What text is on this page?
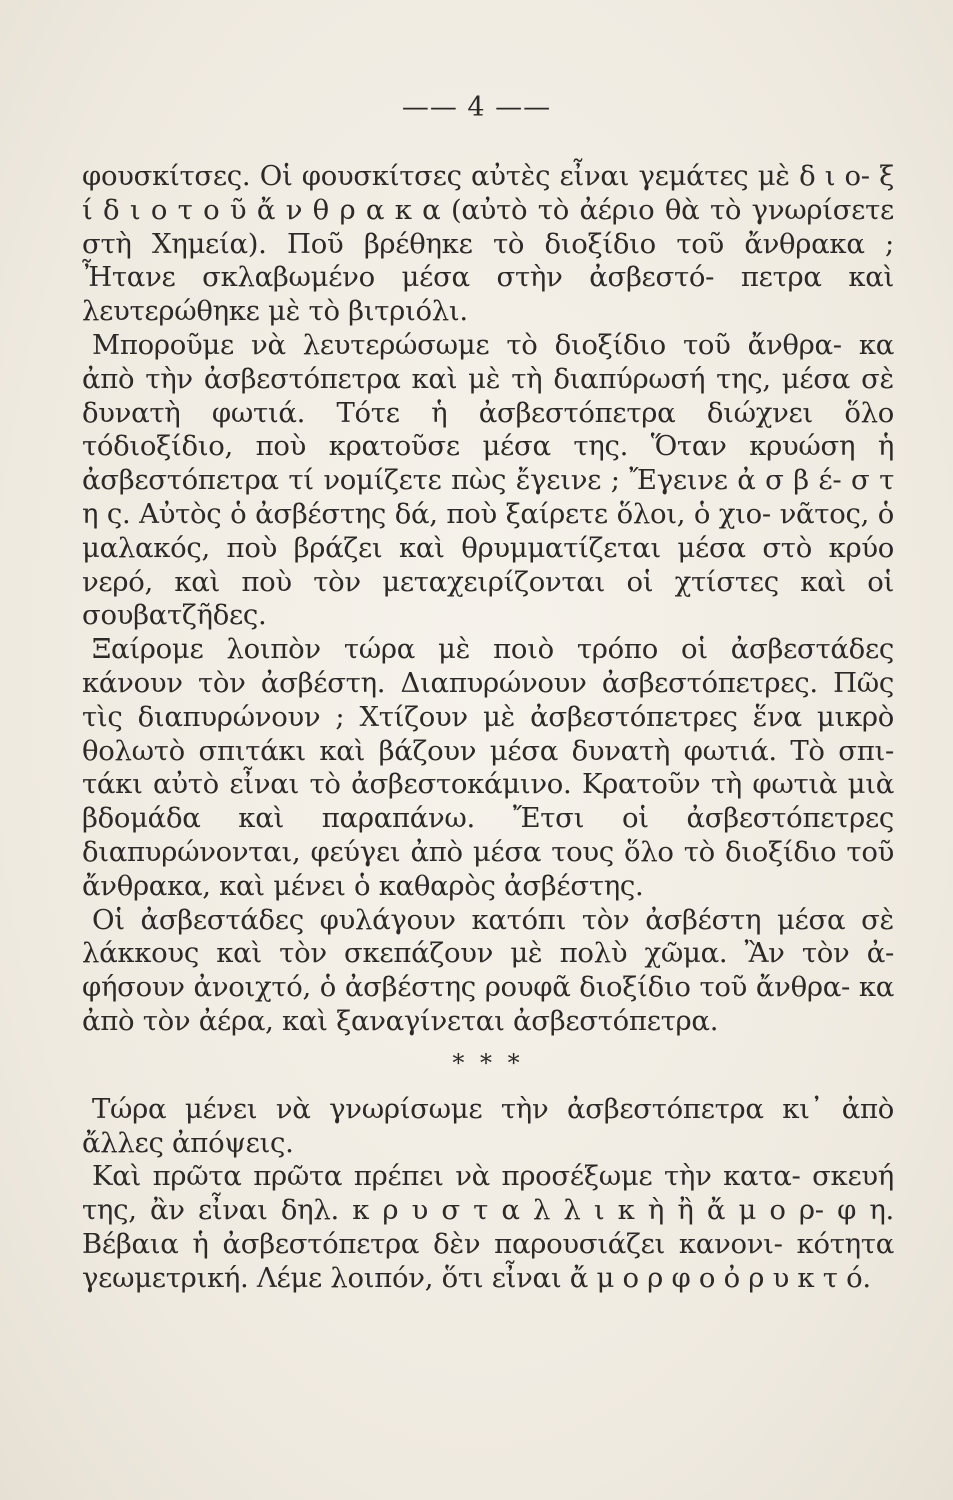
—— 4 ——

φουσκίτσες. Οἱ φουσκίτσες αὐτὲς εἶναι γεμάτες μὲ δ ι ο- ξ ί δ ι ο τ ο ῦ ἄ ν θ ρ α κ α (αὐτὸ τὸ ἀέριο θὰ τὸ γνωρίσετε στὴ Χημεία). Ποῦ βρέθηκε τὸ διοξίδιο τοῦ ἄνθρακα ; Ἦτανε σκλαβωμένο μέσα στὴν ἀσβεστό- πετρα καὶ λευτερώθηκε μὲ τὸ βιτριόλι.

Μποροῦμε νὰ λευτερώσωμε τὸ διοξίδιο τοῦ ἄνθρα- κα ἀπὸ τὴν ἀσβεστόπετρα καὶ μὲ τὴ διαπύρωσή της, μέσα σὲ δυνατὴ φωτιά. Τότε ἡ ἀσβεστόπετρα διώχνει ὅλο τόδιοξίδιο, ποὺ κρατοῦσε μέσα της. Ὅταν κρυώση ἡ ἀσβεστόπετρα τί νομίζετε πὼς ἔγεινε ; Ἔγεινε ἀ σ β έ- σ τ η ς. Αὐτὸς ὁ ἀσβέστης δά, ποὺ ξαίρετε ὅλοι, ὁ χιο- νᾶτος, ὁ μαλακός, ποὺ βράζει καὶ θρυμματίζεται μέσα στὸ κρύο νερό, καὶ ποὺ τὸν μεταχειρίζονται οἱ χτίστες καὶ οἱ σουβατζῆδες.

Ξαίρομε λοιπὸν τώρα μὲ ποιὸ τρόπο οἱ ἀσβεστάδες κάνουν τὸν ἀσβέστη. Διαπυρώνουν ἀσβεστόπετρες. Πῶς τὶς διαπυρώνουν ; Χτίζουν μὲ ἀσβεστόπετρες ἕνα μικρὸ θολωτὸ σπιτάκι καὶ βάζουν μέσα δυνατὴ φωτιά. Τὸ σπι- τάκι αὐτὸ εἶναι τὸ ἀσβεστοκάμινο. Κρατοῦν τὴ φωτιὰ μιὰ βδομάδα καὶ παραπάνω. Ἔτσι οἱ ἀσβεστόπετρες διαπυρώνονται, φεύγει ἀπὸ μέσα τους ὅλο τὸ διοξίδιο τοῦ ἄνθρακα, καὶ μένει ὁ καθαρὸς ἀσβέστης.

Οἱ ἀσβεστάδες φυλάγουν κατόπι τὸν ἀσβέστη μέσα σὲ λάκκους καὶ τὸν σκεπάζουν μὲ πολὺ χῶμα. Ἂν τὸν ἀ- φήσουν ἀνοιχτό, ὁ ἀσβέστης ρουφᾶ διοξίδιο τοῦ ἄνθρα- κα ἀπὸ τὸν ἀέρα, καὶ ξαναγίνεται ἀσβεστόπετρα.

* * *

Τώρα μένει νὰ γνωρίσωμε τὴν ἀσβεστόπετρα κι᾽ ἀπὸ ἄλλες ἀπόψεις.

Καὶ πρῶτα πρῶτα πρέπει νὰ προσέξωμε τὴν κατα- σκευή της, ἂν εἶναι δηλ. κ ρ υ σ τ α λ λ ι κ ὴ ἢ ἄ μ ο ρ- φ η. Βέβαια ἡ ἀσβεστόπετρα δὲν παρουσιάζει κανονι- κότητα γεωμετρική. Λέμε λοιπόν, ὅτι εἶναι ἄ μ ο ρ φ ο ὀ ρ υ κ τ ό.
